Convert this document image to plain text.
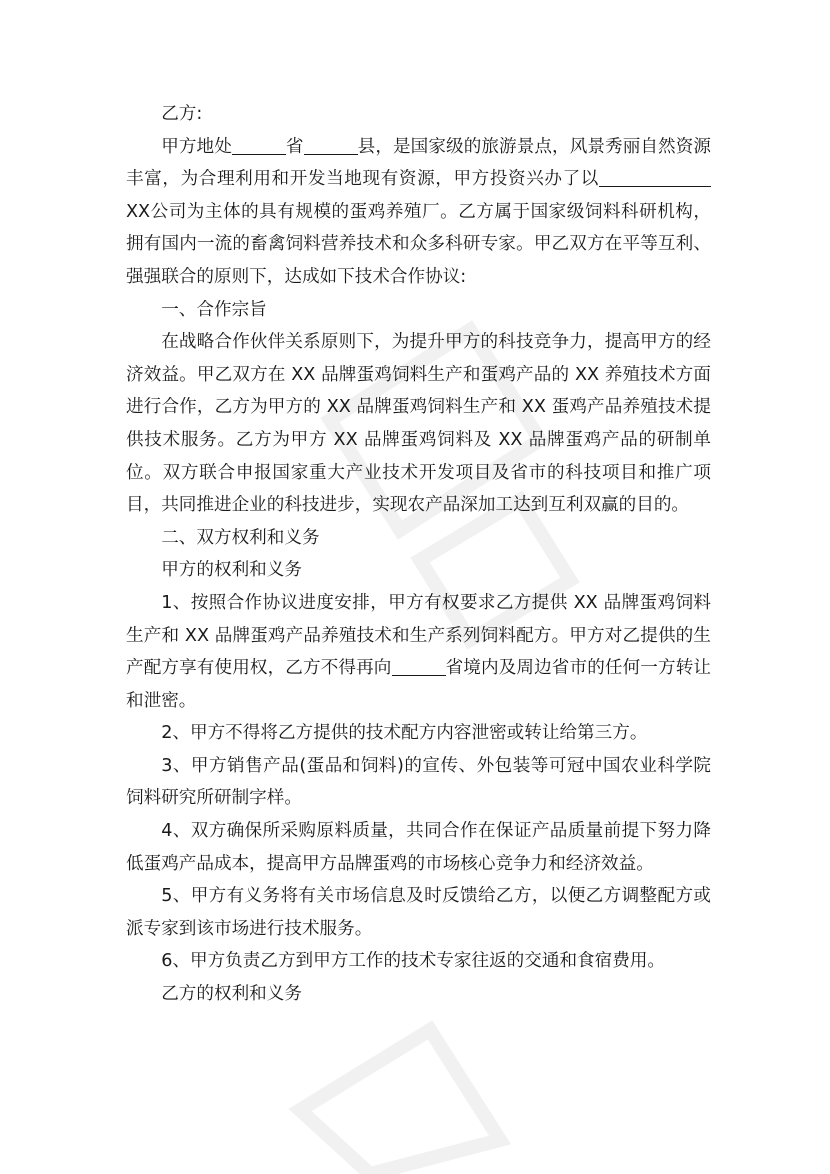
乙方:

甲方地处	省	县，是国家级的旅游景点，风景秀丽自然资源丰富，为合理利用和开发当地现有资源，甲方投资兴办了以XX公司为主体的具有规模的蛋鸡养殖厂。乙方属于国家级饲料科研机构，拥有国内一流的畜禽饲料营养技术和众多科研专家。甲乙双方在平等互利、强强联合的原则下，达成如下技术合作协议:

一、合作宗旨

在战略合作伙伴关系原则下，为提升甲方的科技竞争力，提高甲方的经济效益。甲乙双方在 XX 品牌蛋鸡饲料生产和蛋鸡产品的 XX 养殖技术方面进行合作，乙方为甲方的 XX 品牌蛋鸡饲料生产和 XX 蛋鸡产品养殖技术提供技术服务。乙方为甲方 XX 品牌蛋鸡饲料及 XX 品牌蛋鸡产品的研制单位。双方联合申报国家重大产业技术开发项目及省市的科技项目和推广项目，共同推进企业的科技进步，实现农产品深加工达到互利双赢的目的。

二、双方权利和义务

甲方的权利和义务

1、按照合作协议进度安排，甲方有权要求乙方提供 XX 品牌蛋鸡饲料生产和 XX 品牌蛋鸡产品养殖技术和生产系列饲料配方。甲方对乙提供的生产配方享有使用权，乙方不得再向	省境内及周边省市的任何一方转让和泄密。

2、甲方不得将乙方提供的技术配方内容泄密或转让给第三方。

3、甲方销售产品(蛋品和饲料)的宣传、外包装等可冠中国农业科学院饲料研究所研制字样。

4、双方确保所采购原料质量，共同合作在保证产品质量前提下努力降低蛋鸡产品成本，提高甲方品牌蛋鸡的市场核心竞争力和经济效益。

5、甲方有义务将有关市场信息及时反馈给乙方，以便乙方调整配方或派专家到该市场进行技术服务。

6、甲方负责乙方到甲方工作的技术专家往返的交通和食宿费用。

乙方的权利和义务
